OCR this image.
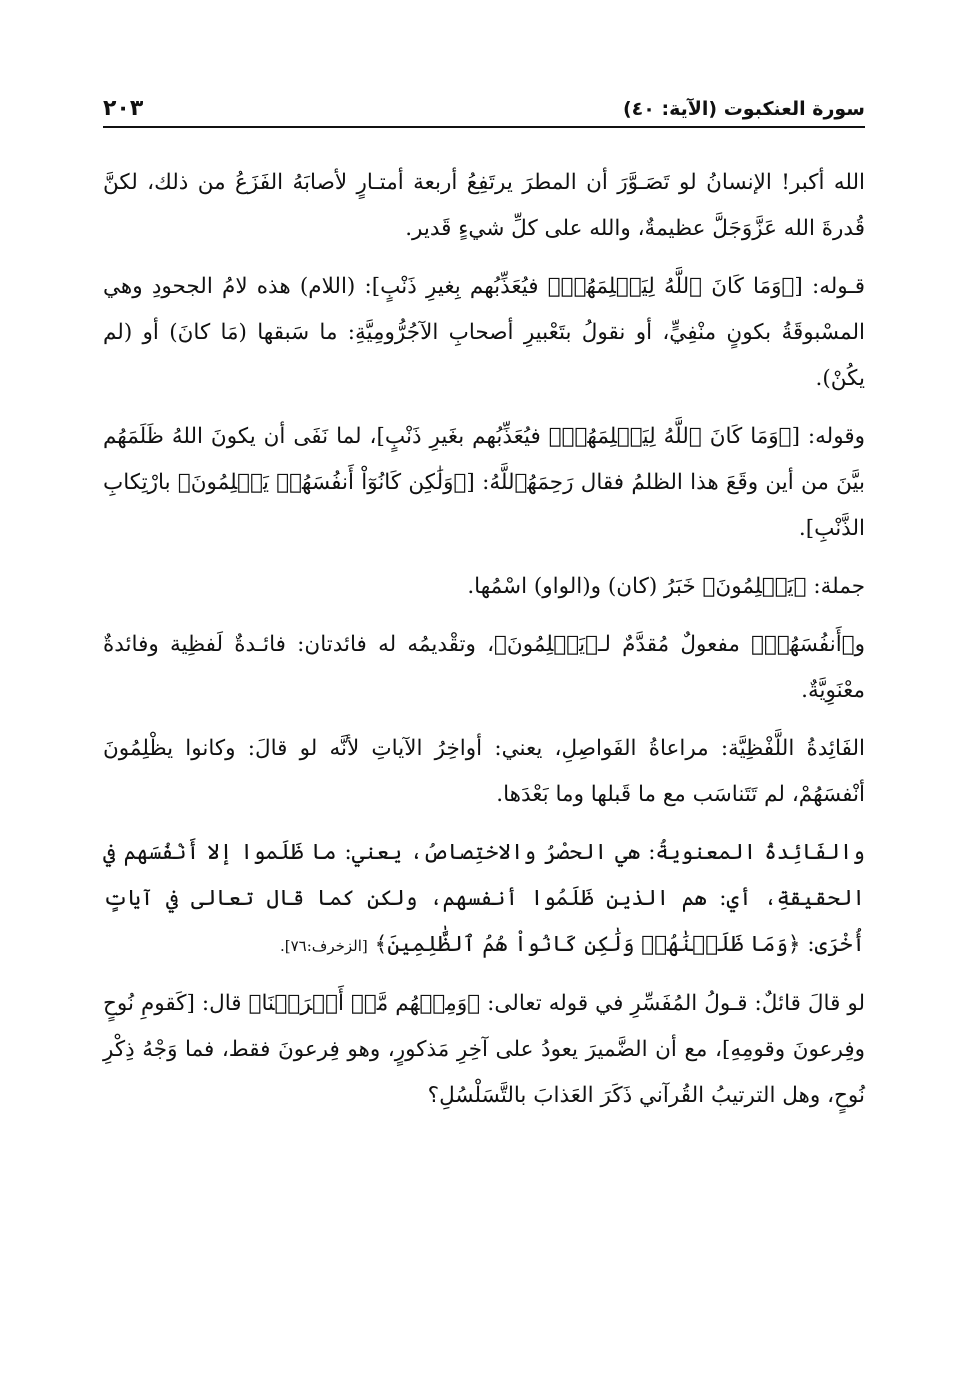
سورة العنكبوت (الآية: ٤٠)
٢٠٣

الله أكبر! الإنسانُ لو تَصَـوَّرَ أن المطرَ يرتَفِعُ أربعة أمتـارٍ لأصابَهُ الفَزَعُ من ذلك، لكنَّ قُدرةَ الله عَزَّوَجَلَّ عظيمةٌ، والله على كلِّ شيءٍ قَدير.

قـوله: [﴿وَمَا كَانَ ٱللَّهُ لِيَظۡلِمَهُمۡ﴾ فيُعَذِّبُهم بِغيرِ ذَنْبٍ]: (اللام) هذه لامُ الجحودِ وهي المسْبوقَةُ بكونٍ منْفِيٍّ، أو نقولُ بتَعْبيرِ أصحابِ الآجُرُّومِيَّةِ: ما سَبقها (مَا كانَ) أو (لم يكُنْ).

وقوله: [﴿وَمَا كَانَ ٱللَّهُ لِيَظۡلِمَهُمۡ﴾ فيُعَذِّبُهم بغَيرِ ذَنْبٍ]، لما نَفَى أن يكونَ اللهُ ظَلَمَهُم بيَّنَ من أين وقَعَ هذا الظلمُ فقال رَحِمَهُٱللَّهُ: [﴿وَلَٰكِن كَانُوٓاْ أَنفُسَهُمۡ يَظۡلِمُونَ﴾ بارْتِكابِ الذَّنْبِ].

جملة: ﴿يَظۡلِمُونَ﴾ خَبَرُ (كان) و(الواو) اسْمُها.

و﴿أَنفُسَهُمۡ﴾ مفعولٌ مُقدَّمٌ لـ﴿يَظۡلِمُونَ﴾، وتقْديمُه له فائدتان: فائـدةٌ لَفظِية وفائدةٌ معْنَوِيَّةٌ.

الفَائِدةُ اللَّفْظِيَّة: مراعاةُ الفَواصِلِ، يعني: أواخِرُ الآياتِ لأنَّه لو قالَ: وكانوا يظْلِمُونَ أنْفسَهُمْ، لم تَتَناسَب مع ما قَبلها وما بَعْدَها.

والفَائِدةُ المعنويةُ: هي الحصْرُ والاختِصاصُ، يعني: ما ظَلَموا إلا أَنْفُسَهم في الحقيقةِ، أي: هم الذين ظَلَمُوا أنفسهم، ولكن كما قال تعالى في آياتٍ أُخْرَى: ﴿وَمَا ظَلَمۡنَٰهُمۡ وَلَٰكِن كَانُواْ هُمُ ٱلظَّٰلِمِينَ﴾ [الزخرف:٧٦].

لو قالَ قائلٌ: قـولُ المُفَسِّرِ في قوله تعالى: ﴿وَمِنۡهُم مَّنۡ أَغۡرَقۡنَا﴾ قال: [كَقومِ نُوحٍ وفِرعونَ وقومِهِ]، مع أن الضَّميرَ يعودُ على آخِرِ مَذكورٍ، وهو فِرعونَ فقط، فما وَجْهُ ذِكْرِ نُوحٍ، وهل الترتيبُ القُرآني ذَكَرَ العَذابَ بالتَّسَلْسُلِ؟
